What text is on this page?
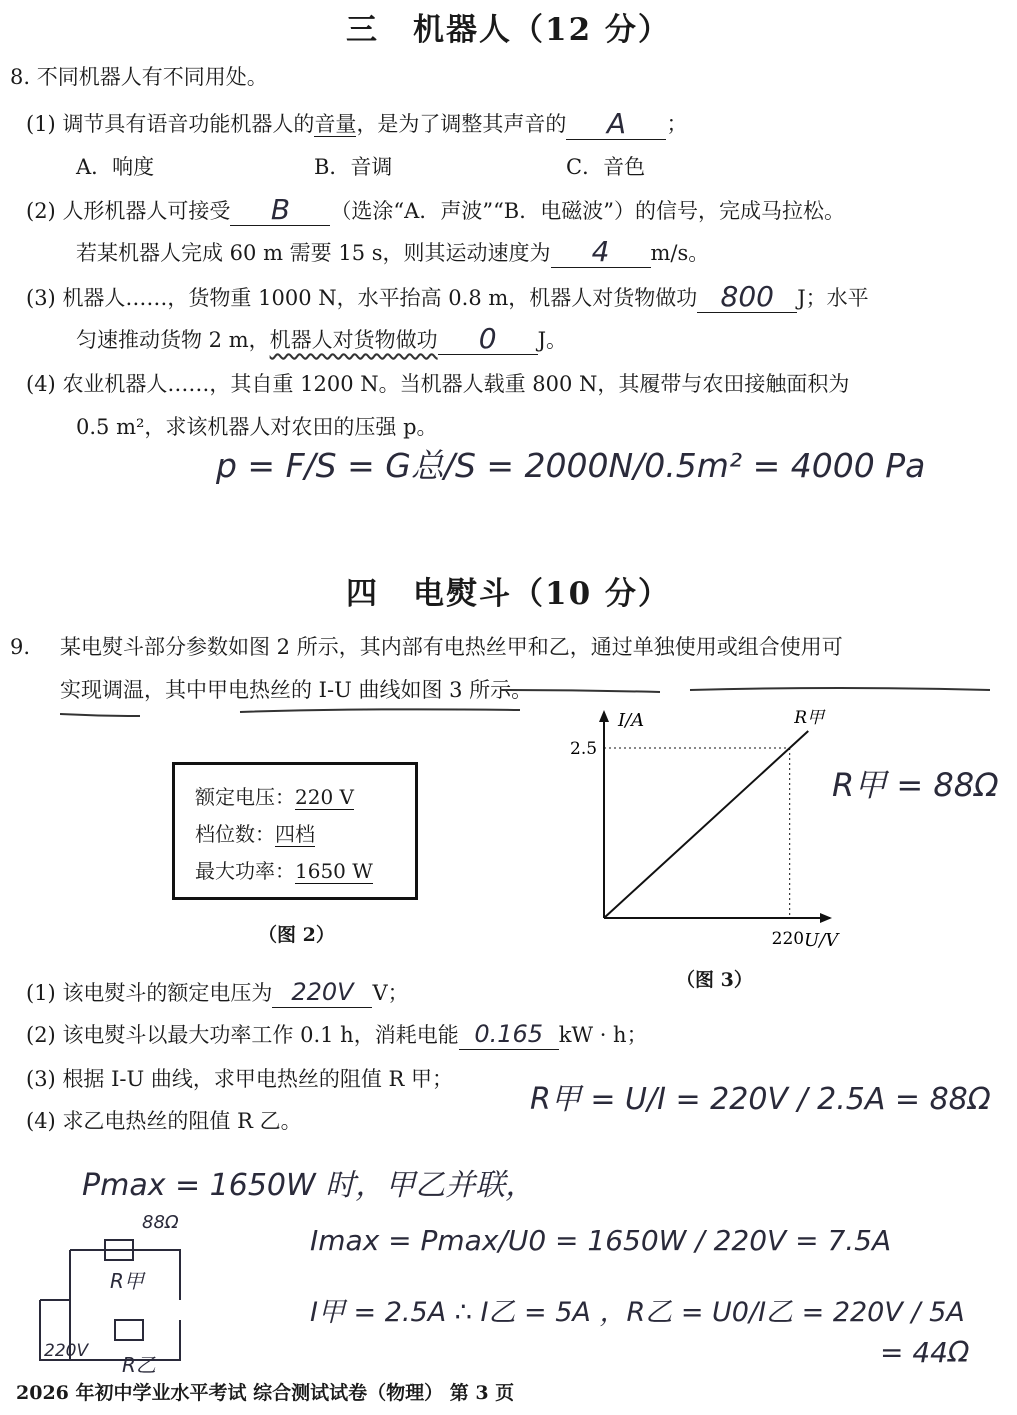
三 机器人（12 分）
8. 不同机器人有不同用处。
(1) 调节具有语音功能机器人的音量，是为了调整其声音的	A	；
A．响度	B．音调	C．音色
(2) 人形机器人可接受	B	（选涂“A．声波”“B．电磁波”）的信号，完成马拉松。
若某机器人完成 60 m 需要 15 s，则其运动速度为	4	m/s。
(3) 机器人……，货物重 1000 N，水平抬高 0.8 m，机器人对货物做功 800	J；水平
匀速推动货物 2 m，机器人对货物做功	0	J。
(4) 农业机器人……，其自重 1200 N。当机器人载重 800 N，其履带与农田接触面积为
0.5 m²，求该机器人对农田的压强 p。
p = F/S = G总/S = 2000N/0.5m² = 4000 Pa
四 电熨斗（10 分）
9. 某电熨斗部分参数如图 2 所示，其内部有电热丝甲和乙，通过单独使用或组合使用可
实现调温，其中甲电热丝的 I-U 曲线如图 3 所示。
额定电压：220 V
档位数：四档
最大功率：1650 W
（图 2）
R甲
220
2.5
I/A
U/V
（图 3）
R甲 = 88Ω
(1) 该电熨斗的额定电压为 220V V；
(2) 该电熨斗以最大功率工作 0.1 h，消耗电能 0.165 kW · h；
(3) 根据 I-U 曲线，求甲电热丝的阻值 R 甲；
(4) 求乙电热丝的阻值 R 乙。
R甲 = U/I = 220V / 2.5A = 88Ω
Pmax = 1650W 时，甲乙并联，
Imax = Pmax/U0 = 1650W / 220V = 7.5A
I甲 = 2.5A ∴ I乙 = 5A ，R乙 = U0/I乙 = 220V / 5A
= 44Ω
88Ω
R甲
R乙
220V
2026 年初中学业水平考试 综合测试试卷（物理） 第 3 页
